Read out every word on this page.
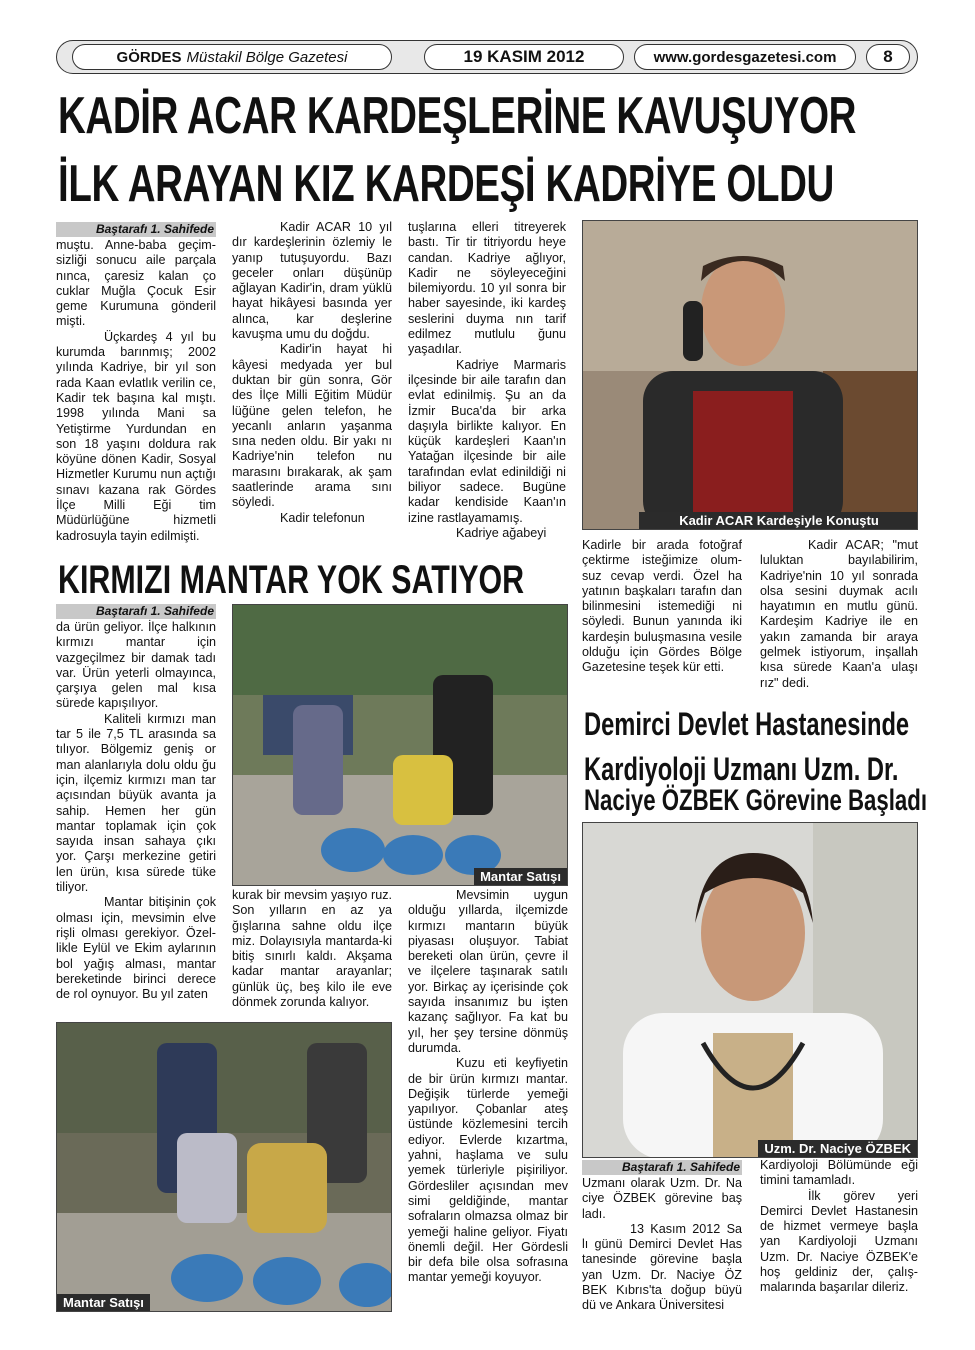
GÖRDES Müstakil Bölge Gazetesi	19 KASIM 2012	www.gordesgazetesi.com	8
KADİR ACAR KARDEŞLERİNE KAVUŞUYOR
İLK ARAYAN KIZ KARDEŞİ KADRİYE OLDU
Baştarafı 1. Sahifede

muştu. Anne-baba geçim-sizliği sonucu aile parçala nınca, çaresiz kalan ço cuklar Muğla Çocuk Esir geme Kurumuna gönderil mişti.

Üçkardeş 4 yıl bu kurumda barınmış; 2002 yılında Kadriye, bir yıl son rada Kaan evlatlık verilin ce, Kadir tek başına kal mıştı. 1998 yılında Mani sa Yetiştirme Yurdundan en son 18 yaşını doldura rak köyüne dönen Kadir, Sosyal Hizmetler Kurumu nun açtığı sınavı kazana rak Gördes İlçe Milli Eği tim Müdürlüğüne hizmetli kadrosuyla tayin edilmişti.

Kadir ACAR 10 yıl dır kardeşlerinin özlemiy le yanıp tutuşuyordu. Bazı geceler onları düşünüp ağlayan Kadir'in, dram yüklü hayat hikâyesi basında yer alınca, kar deşlerine kavuşma umu du doğdu.

Kadir'in hayat hi kâyesi medyada yer bul duktan bir gün sonra, Gör des İlçe Milli Eğitim Müdür lüğüne gelen telefon, he yecanlı anların yaşanma sına neden oldu. Bir yakı nı Kadriye'nin telefon nu marasını bırakarak, ak şam saatlerinde arama sını söyledi.

Kadir telefonun

tuşlarına elleri titreyerek bastı. Tir tir titriyordu heye candan. Kadriye ağlıyor, Kadir ne söyleyeceğini bilemiyordu. 10 yıl sonra bir haber sayesinde, iki kardeş seslerini duyma nın tarif edilmez mutlulu ğunu yaşadılar.

Kadriye Marmaris ilçesinde bir aile tarafın dan evlat edinilmiş. Şu an da İzmir Buca'da bir arka daşıyla birlikte kalıyor. En küçük kardeşleri Kaan'ın Yatağan ilçesinde bir aile tarafından evlat edinildiği ni biliyor sadece. Bugüne kadar kendiside Kaan'ın izine rastlayamamış.

Kadriye ağabeyi

Kadir ACAR Kardeşiyle Konuştu

Kadirle bir arada fotoğraf çektirme isteğimize olum-suz cevap verdi. Özel ha yatının başkaları tarafın dan bilinmesini istemediği ni söyledi. Bunun yanında iki kardeşin buluşmasına vesile olduğu için Gördes Bölge Gazetesine teşek kür etti.

Kadir ACAR; "mut luluktan bayılabilirim, Kadriye'nin 10 yıl sonrada olsa sesini duymak acılı hayatımın en mutlu günü. Kardeşim Kadriye ile en yakın zamanda bir araya gelmek istiyorum, inşallah kısa sürede Kaan'a ulaşı rız" dedi.

KIRMIZI MANTAR YOK SATIYOR
Baştarafı 1. Sahifede

da ürün geliyor. İlçe halkının kırmızı mantar için vazgeçilmez bir damak tadı var. Ürün yeterli olmayınca, çarşıya gelen mal kısa sürede kapışılıyor.

Kaliteli kırmızı man tar 5 ile 7,5 TL arasında sa tılıyor. Bölgemiz geniş or man alanlarıyla dolu oldu ğu için, ilçemiz kırmızı man tar açısından büyük avanta ja sahip. Hemen her gün mantar toplamak için çok sayıda insan sahaya çıkı yor. Çarşı merkezine getiri len ürün, kısa sürede tüke tiliyor.

Mantar bitişinin çok olması için, mevsimin elve rişli olması gerekiyor. Özel-likle Eylül ve Ekim aylarının bol yağış alması, mantar bereketinde birinci derece de rol oynuyor. Bu yıl zaten

Mantar Satışı

kurak bir mevsim yaşıyo ruz. Son yılların en az ya ğışlarına sahne oldu ilçe miz. Dolayısıyla mantarda-ki bitiş sınırlı kaldı. Akşama kadar mantar arayanlar; günlük üç, beş kilo ile eve dönmek zorunda kalıyor.

Mevsimin uygun olduğu yıllarda, ilçemizde kırmızı mantarın büyük piyasası oluşuyor. Tabiat bereketi olan ürün, çevre il ve ilçelere taşınarak satılı yor. Birkaç ay içerisinde çok sayıda insanımız bu işten kazanç sağlıyor. Fa kat bu yıl, her şey tersine dönmüş durumda.

Kuzu eti keyfiyetin de bir ürün kırmızı mantar. Değişik türlerde yemeği yapılıyor. Çobanlar ateş üstünde közlemesini tercih ediyor. Evlerde kızartma, yahni, haşlama ve sulu yemek türleriyle pişiriliyor. Gördesliler açısından mev simi geldiğinde, mantar sofraların olmazsa olmaz bir yemeği haline geliyor. Fiyatı önemli değil. Her Gördesli bir defa bile olsa sofrasına mantar yemeği koyuyor.

Mantar Satışı
Demirci Devlet Hastanesinde
Kardiyoloji Uzmanı Uzm. Dr.
Naciye ÖZBEK Görevine Başladı
Uzm. Dr. Naciye ÖZBEK
Baştarafı 1. Sahifede

Uzmanı olarak Uzm. Dr. Na ciye ÖZBEK görevine baş ladı.

13 Kasım 2012 Sa lı günü Demirci Devlet Has tanesinde görevine başla yan Uzm. Dr. Naciye ÖZ BEK Kıbrıs'ta doğup büyü dü ve Ankara Üniversitesi

Kardiyoloji Bölümünde eği timini tamamladı.

İlk görev yeri Demirci Devlet Hastanesin de hizmet vermeye başla yan Kardiyoloji Uzmanı Uzm. Dr. Naciye ÖZBEK'e hoş geldiniz der, çalış-malarında başarılar dileriz.
